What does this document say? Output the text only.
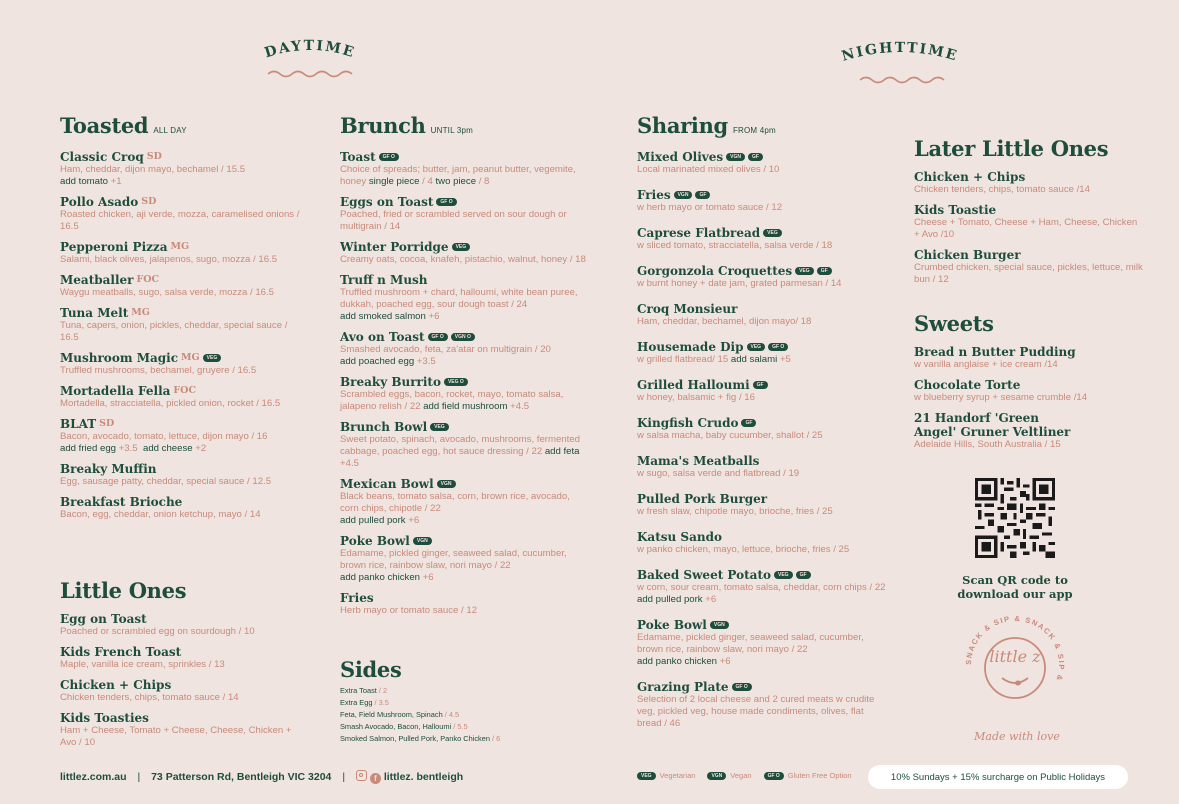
DAYTIME	NIGHTTIME
Toasted ALL DAY
Classic Croq SD
Ham, cheddar, dijon mayo, bechamel / 15.5
add tomato +1
Pollo Asado SD
Roasted chicken, aji verde, mozza, caramelised onions / 16.5
Pepperoni Pizza MG
Salami, black olives, jalapenos, sugo, mozza / 16.5
Meatballer FOC
Waygu meatballs, sugo, salsa verde, mozza / 16.5
Tuna Melt MG
Tuna, capers, onion, pickles, cheddar, special sauce / 16.5
Mushroom Magic MG	VEG
Truffled mushrooms, bechamel, gruyere / 16.5
Mortadella Fella FOC
Mortadella, stracciatella, pickled onion, rocket / 16.5
BLAT SD
Bacon, avocado, tomato, lettuce, dijon mayo / 16
add fried egg +3.5 add cheese +2
Breaky Muffin
Egg, sausage patty, cheddar, special sauce / 12.5
Breakfast Brioche
Bacon, egg, cheddar, onion ketchup, mayo / 14
Little Ones
Egg on Toast
Poached or scrambled egg on sourdough / 10
Kids French Toast
Maple, vanilla ice cream, sprinkles / 13
Chicken + Chips
Chicken tenders, chips, tomato sauce / 14
Kids Toasties
Ham + Cheese, Tomato + Cheese, Cheese, Chicken + Avo / 10
Brunch UNTIL 3pm
Toast	GF O
Choice of spreads; butter, jam, peanut butter, vegemite, honey single piece / 4 two piece / 8
Eggs on Toast	GF O
Poached, fried or scrambled served on sour dough or multigrain / 14
Winter Porridge	VEG
Creamy oats, cocoa, knafeh, pistachio, walnut, honey / 18
Truff n Mush
Truffled mushroom + chard, halloumi, white bean puree, dukkah, poached egg, sour dough toast / 24
add smoked salmon +6
Avo on Toast	GF O	VGN O
Smashed avocado, feta, za'atar on multigrain / 20
add poached egg +3.5
Breaky Burrito	VEG O
Scrambled eggs, bacon, rocket, mayo, tomato salsa, jalapeno relish / 22 add field mushroom +4.5
Brunch Bowl	VEG
Sweet potato, spinach, avocado, mushrooms, fermented cabbage, poached egg, hot sauce dressing / 22 add feta +4.5
Mexican Bowl	VGN
Black beans, tomato salsa, corn, brown rice, avocado, corn chips, chipotle / 22
add pulled pork +6
Poke Bowl	VGN
Edamame, pickled ginger, seaweed salad, cucumber, brown rice, rainbow slaw, nori mayo / 22
add panko chicken +6
Fries
Herb mayo or tomato sauce / 12
Sides
Extra Toast / 2
Extra Egg / 3.5
Feta, Field Mushroom, Spinach / 4.5
Smash Avocado, Bacon, Halloumi / 5.5
Smoked Salmon, Pulled Pork, Panko Chicken / 6
Sharing FROM 4pm
Mixed Olives	VGN	GF
Local marinated mixed olives / 10
Fries	VGN	GF
w herb mayo or tomato sauce / 12
Caprese Flatbread	VEG
w sliced tomato, stracciatella, salsa verde / 18
Gorgonzola Croquettes	VEG	GF
w burnt honey + date jam, grated parmesan / 14
Croq Monsieur
Ham, cheddar, bechamel, dijon mayo/ 18
Housemade Dip	VEG	GF O
w grilled flatbread/ 15 add salami +5
Grilled Halloumi	GF
w honey, balsamic + fig / 16
Kingfish Crudo	GF
w salsa macha, baby cucumber, shallot / 25
Mama's Meatballs
w sugo, salsa verde and flatbread / 19
Pulled Pork Burger
w fresh slaw, chipotle mayo, brioche, fries / 25
Katsu Sando
w panko chicken, mayo, lettuce, brioche, fries / 25
Baked Sweet Potato	VEG	GF
w corn, sour cream, tomato salsa, cheddar, corn chips / 22 add pulled pork +6
Poke Bowl	VGN
Edamame, pickled ginger, seaweed salad, cucumber, brown rice, rainbow slaw, nori mayo / 22
add panko chicken +6
Grazing Plate	GF O
Selection of 2 local cheese and 2 cured meats w crudite veg, pickled veg, house made condiments, olives, flat bread / 46
Later Little Ones
Chicken + Chips
Chicken tenders, chips, tomato sauce /14
Kids Toastie
Cheese + Tomato, Cheese + Ham, Cheese, Chicken + Avo /10
Chicken Burger
Crumbed chicken, special sauce, pickles, lettuce, milk bun / 12
Sweets
Bread n Butter Pudding
w vanilla anglaise + ice cream /14
Chocolate Torte
w blueberry syrup + sesame crumble /14
21 Handorf 'Green Angel' Gruner Veltliner
Adelaide Hills, South Australia / 15
Scan QR code to download our app
SNACK & SIP & SNACK & SIP &
little z
Made with love
littlez.com.au | 73 Patterson Rd, Bentleigh VIC 3204 |	f littlez. bentleigh	VEG	Vegetarian	VGN	Vegan	GF O	Gluten Free Option	10% Sundays + 15% surcharge on Public Holidays
